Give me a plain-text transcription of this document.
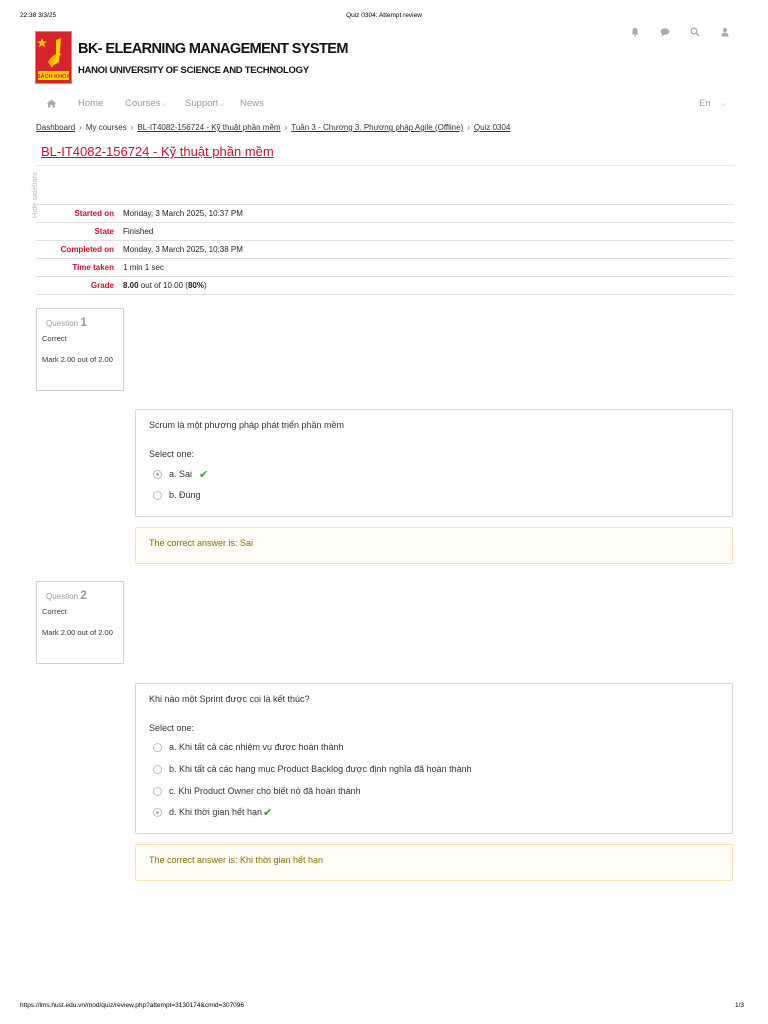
22:38 3/3/25	Quiz 0304: Attempt review
BÁCH KHOA
BK- ELEARNING MANAGEMENT SYSTEM
HANOI UNIVERSITY OF SCIENCE AND TECHNOLOGY
Home Courses⌵ Support⌵ News	En ⌵
Dashboard › My courses › BL-IT4082-156724 - Kỹ thuật phần mềm › Tuần 3 - Chương 3. Phương pháp Agile (Offline) › Quiz 0304
BL-IT4082-156724 - Kỹ thuật phần mềm
Hide sidebars	Started on	Monday, 3 March 2025, 10:37 PM
State	Finished
Completed on	Monday, 3 March 2025, 10:38 PM
Time taken	1 min 1 sec
Grade	8.00 out of 10.00 (80%)
Question 1
Correct
Mark 2.00 out of 2.00
Scrum là một phương pháp phát triển phần mềm
Select one:
a. Sai ✔
b. Đúng
The correct answer is: Sai
Question 2
Correct
Mark 2.00 out of 2.00
Khi nào một Sprint được coi là kết thúc?
Select one:
a. Khi tất cả các nhiệm vụ được hoàn thành
b. Khi tất cả các hạng mục Product Backlog được định nghĩa đã hoàn thành
c. Khi Product Owner cho biết nó đã hoàn thành
d. Khi thời gian hết hạn ✔
The correct answer is: Khi thời gian hết hạn
https://lms.hust.edu.vn/mod/quiz/review.php?attempt=3130174&cmid=307096	1/3
